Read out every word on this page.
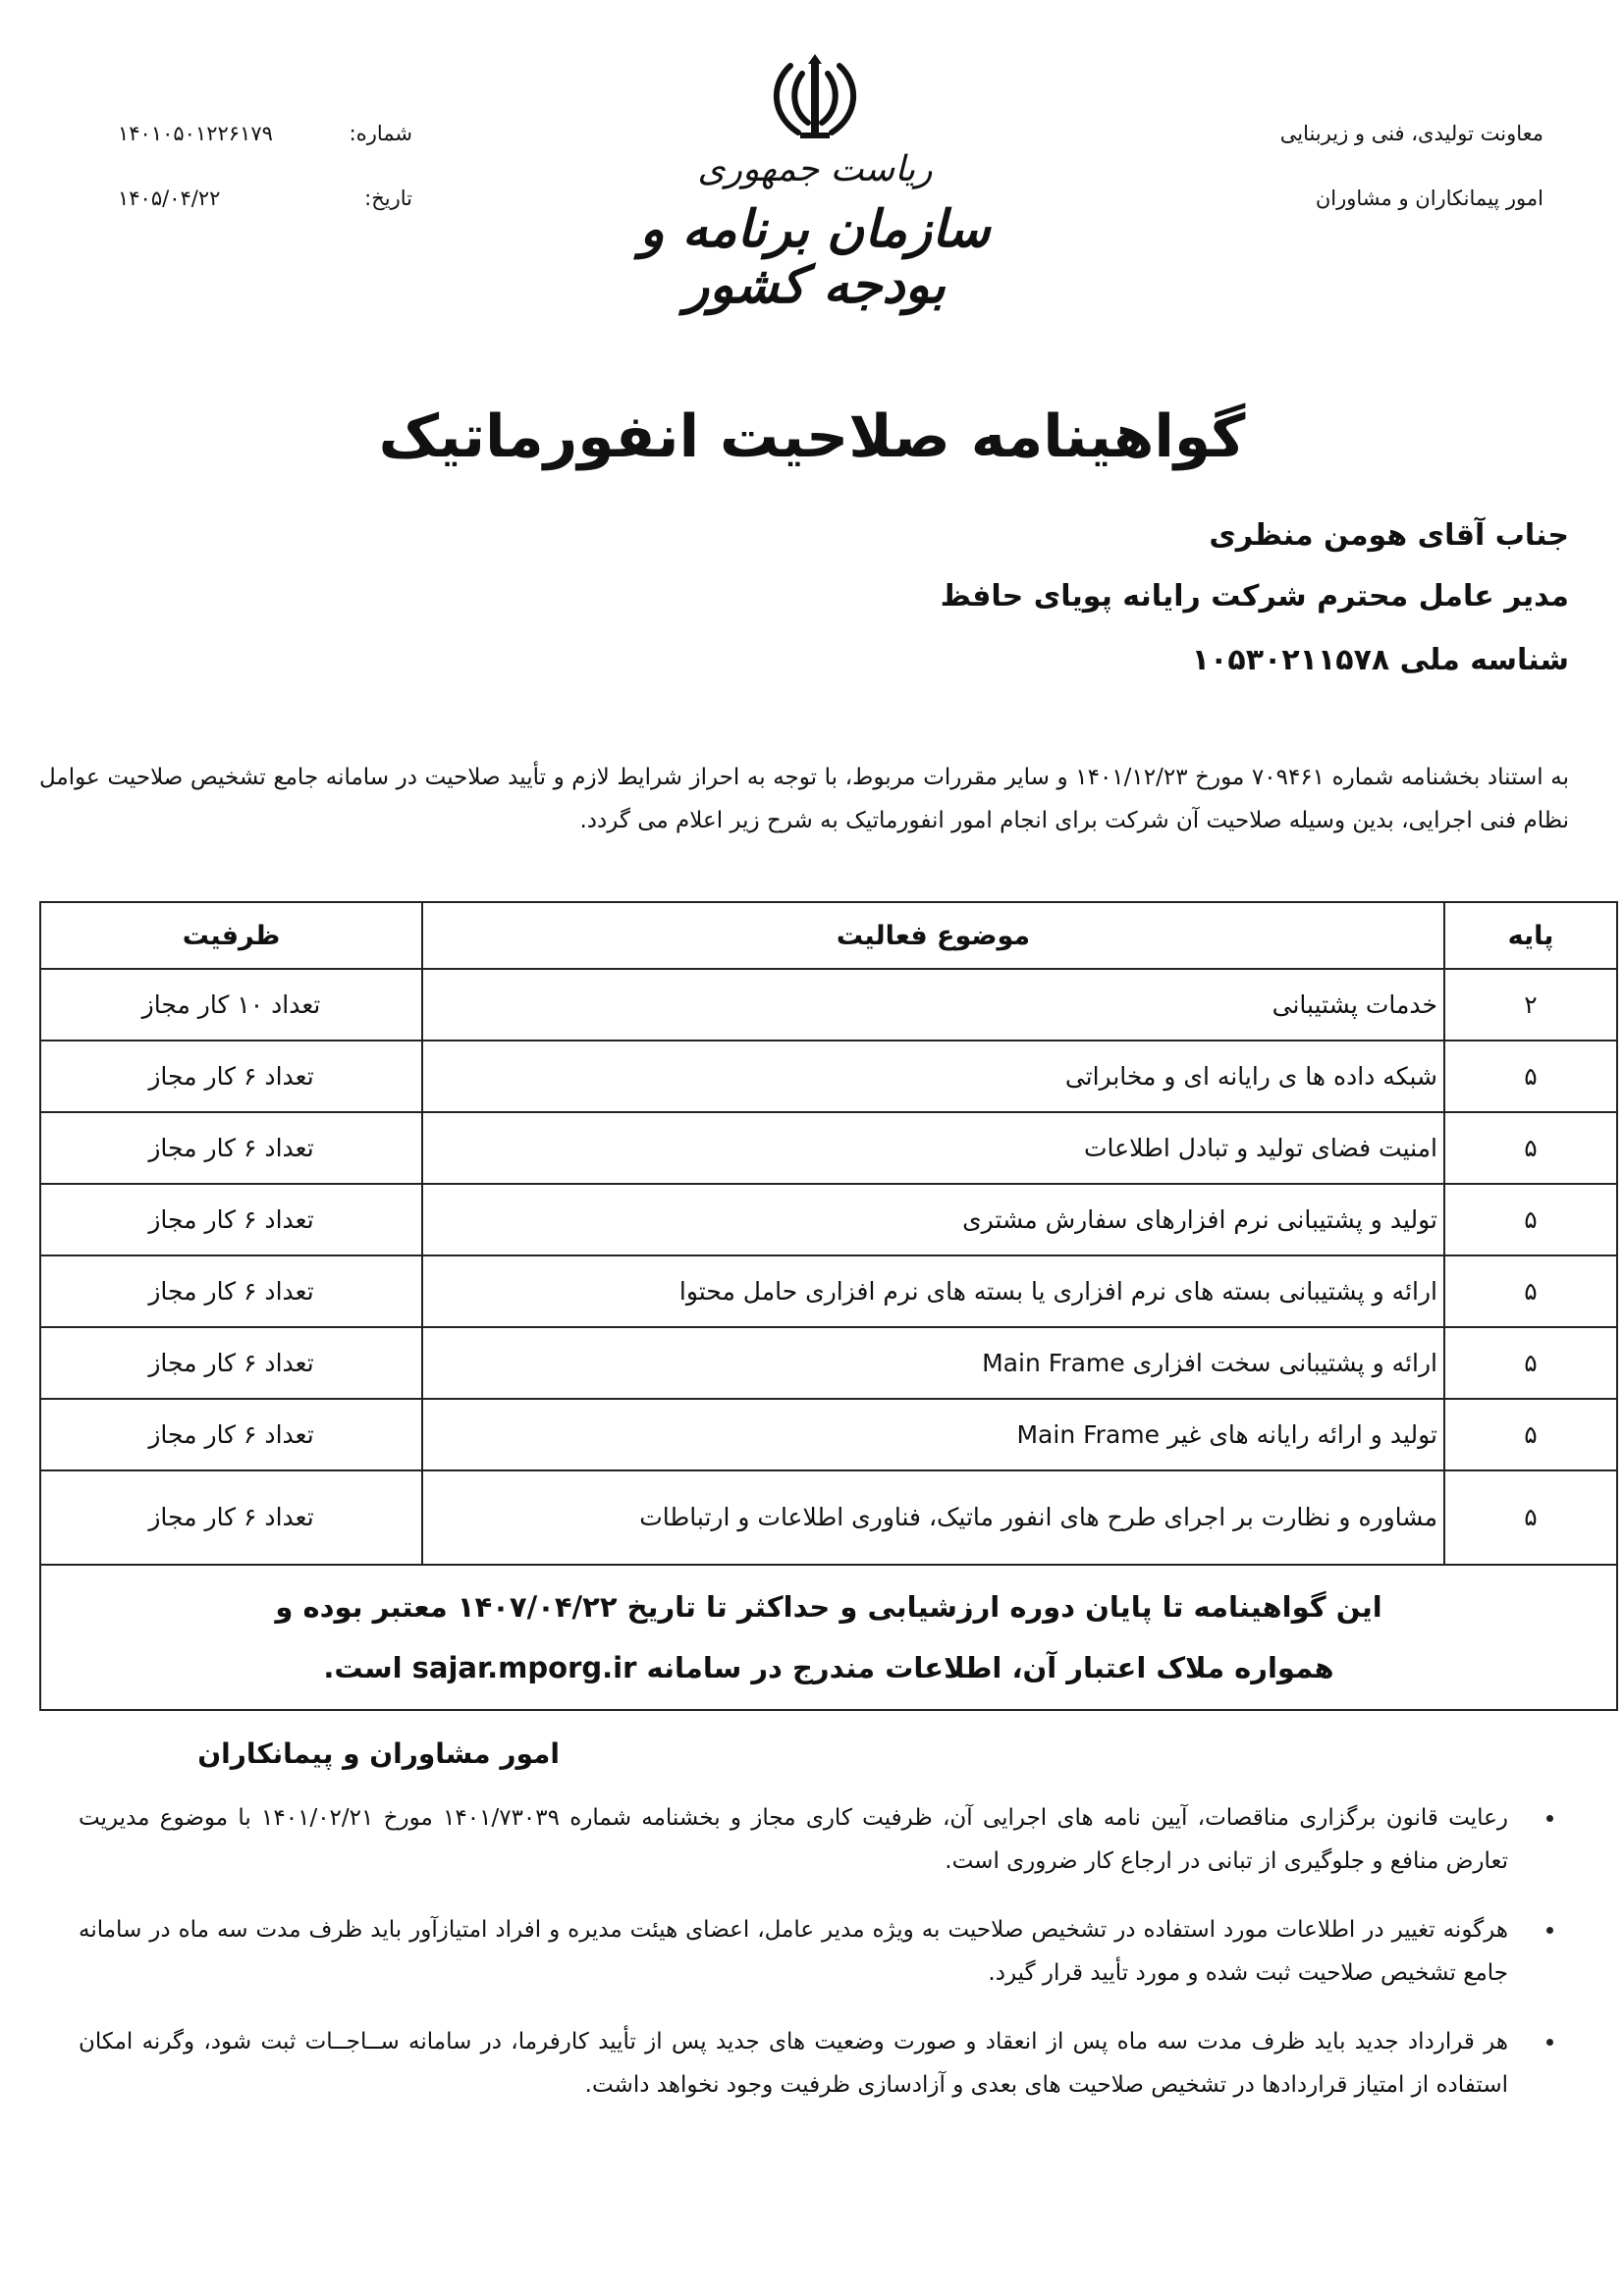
معاونت تولیدی، فنی و زیربنایی
امور پیمانکاران و مشاوران
شماره:
۱۴۰۱۰۵۰۱۲۲۶۱۷۹
تاریخ:
۱۴۰۵/۰۴/۲۲
ریاست جمهوری
سازمان برنامه و بودجه کشور
گواهینامه صلاحیت انفورماتیک
جناب آقای هومن منظری
مدیر عامل محترم شرکت رایانه پویای حافظ
شناسه ملی ۱۰۵۳۰۲۱۱۵۷۸
به استناد بخشنامه شماره ۷۰۹۴۶۱ مورخ ۱۴۰۱/۱۲/۲۳ و سایر مقررات مربوط، با توجه به احراز شرایط لازم و تأیید صلاحیت در سامانه جامع تشخیص صلاحیت عوامل نظام فنی اجرایی، بدین وسیله صلاحیت آن شرکت برای انجام امور انفورماتیک به شرح زیر اعلام می گردد.
پایه	موضوع فعالیت	ظرفیت
۲	خدمات پشتیبانی	تعداد ۱۰ کار مجاز
۵	شبکه داده ها ی رایانه ای و مخابراتی	تعداد ۶ کار مجاز
۵	امنیت فضای تولید و تبادل اطلاعات	تعداد ۶ کار مجاز
۵	تولید و پشتیبانی نرم افزارهای سفارش مشتری	تعداد ۶ کار مجاز
۵	ارائه و پشتیبانی بسته های نرم افزاری یا بسته های نرم افزاری حامل محتوا	تعداد ۶ کار مجاز
۵	ارائه و پشتیبانی سخت افزاری Main Frame	تعداد ۶ کار مجاز
۵	تولید و ارائه رایانه های غیر Main Frame	تعداد ۶ کار مجاز
۵	مشاوره و نظارت بر اجرای طرح های انفور ماتیک، فناوری اطلاعات و ارتباطات	تعداد ۶ کار مجاز

این گواهینامه تا پایان دوره ارزشیابی و حداکثر تا تاریخ ۱۴۰۷/۰۴/۲۲ معتبر بوده و
همواره ملاک اعتبار آن، اطلاعات مندرج در سامانه sajar.mporg.ir است.		
امور مشاوران و پیمانکاران
رعایت قانون برگزاری مناقصات، آیین نامه های اجرایی آن، ظرفیت کاری مجاز و بخشنامه شماره ۱۴۰۱/۷۳۰۳۹ مورخ ۱۴۰۱/۰۲/۲۱ با موضوع مدیریت تعارض منافع و جلوگیری از تبانی در ارجاع کار ضروری است.
هرگونه تغییر در اطلاعات مورد استفاده در تشخیص صلاحیت به ویژه مدیر عامل، اعضای هیئت مدیره و افراد امتیازآور باید ظرف مدت سه ماه در سامانه جامع تشخیص صلاحیت ثبت شده و مورد تأیید قرار گیرد.
هر قرارداد جدید باید ظرف مدت سه ماه پس از انعقاد و صورت وضعیت های جدید پس از تأیید کارفرما، در سامانه ســاجــات ثبت شود، وگرنه امکان استفاده از امتیاز قراردادها در تشخیص صلاحیت های بعدی و آزادسازی ظرفیت وجود نخواهد داشت.
